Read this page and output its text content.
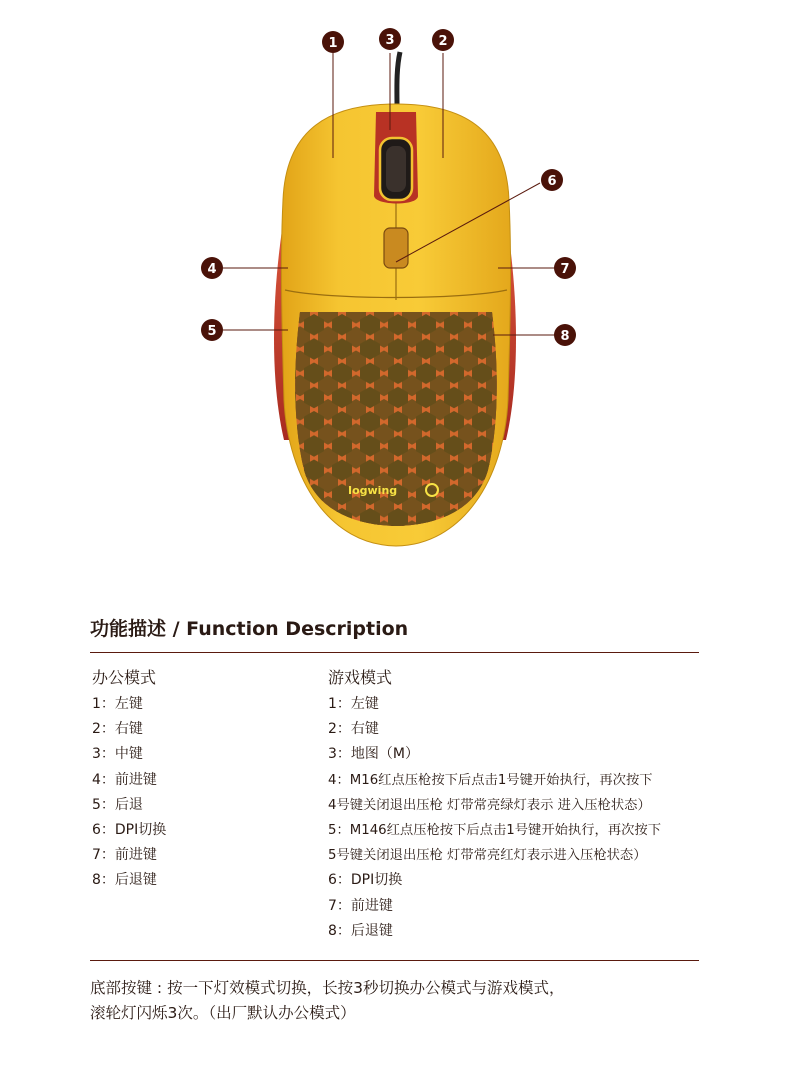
Iogwing
1	2
3
4
5
6
7
8
功能描述 / Function Description
办公模式
1：左键
2：右键
3：中键
4：前进键
5：后退
6：DPI切换
7：前进键
8：后退键
游戏模式
1：左键
2：右键
3：地图（M）
4：M16红点压枪按下后点击1号键开始执行，再次按下
4号键关闭退出压枪 灯带常亮绿灯表示 进入压枪状态）
5：M146红点压枪按下后点击1号键开始执行，再次按下
5号键关闭退出压枪 灯带常亮红灯表示进入压枪状态）
6：DPI切换
7：前进键
8：后退键
底部按键 : 按一下灯效模式切换，长按3秒切换办公模式与游戏模式，
滚轮灯闪烁3次。（出厂默认办公模式）
